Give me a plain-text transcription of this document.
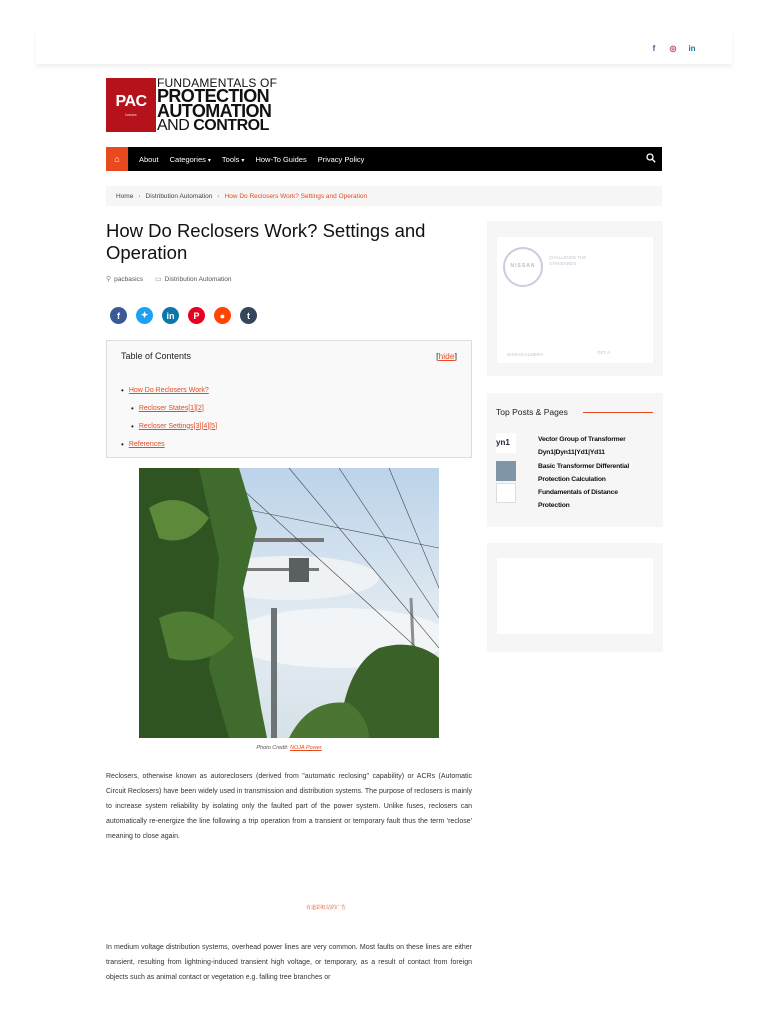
f	◎ in
PAC
basics
FUNDAMENTALS OF
PROTECTION
AUTOMATION
AND CONTROL
⌂	About Categories ▾ Tools ▾ How-To Guides Privacy Policy
Home › Distribution Automation › How Do Reclosers Work? Settings and Operation
How Do Reclosers Work? Settings and Operation
⚲ pacbasics ▭ Distribution Automation
f	✦	in	P	●	t
Table of Contents	[hide]
• How Do Reclosers Work?
• Recloser States[1][2]
• Recloser Settings[3][4][5]
• References
Photo Credit: NOJA Power

Reclosers, otherwise known as autoreclosers (derived from "automatic reclosing" capability) or ACRs (Automatic Circuit Reclosers) have been widely used in transmission and distribution systems. The purpose of reclosers is mainly to increase system reliability by isolating only the faulted part of the power system. Unlike fuses, reclosers can automatically re-energize the line following a trip operation from a transient or temporary fault thus the term 'reclose' meaning to close again.

有道彩虹站的广告

In medium voltage distribution systems, overhead power lines are very common. Most faults on these lines are either transient, resulting from lightning-induced transient high voltage, or temporary, as a result of contact from foreign objects such as animal contact or vegetation e.g. falling tree branches or

NISSAN
CHALLENGE THE
STANDARDS
NISSAN ALMERA	GET A
Top Posts & Pages
yn1	Vector Group of Transformer Dyn1|Dyn11|Yd1|Yd11
Basic Transformer Differential Protection Calculation
Fundamentals of Distance Protection
